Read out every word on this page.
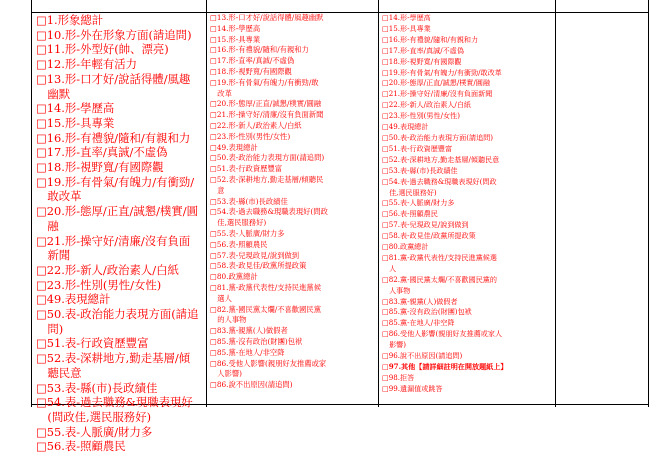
□1.形象總計
□10.形-外在形象方面(請追問)
□11.形-外型好(帥、漂亮)
□12.形-年輕有活力
□13.形-口才好/說話得體/風趣
　幽默
□14.形-學歷高
□15.形-具專業
□16.形-有禮貌/隨和/有親和力
□17.形-直率/真誠/不虛偽
□18.形-視野寬/有國際觀
□19.形-有骨氣/有魄力/有衝勁/
　敢改革
□20.形-態厚/正直/誠懇/樸實/圓
　融
□21.形-操守好/清廉/沒有負面
　新聞
□22.形-新人/政治素人/白紙
□23.形-性別(男性/女性)
□49.表現總計
□50.表-政治能力表現方面(請追
　問)
□51.表-行政資歷豐富
□52.表-深耕地方,勤走基層/傾
　聽民意
□53.表-縣(市)長政績佳
□54.表-過去職務&現職表現好
　(問政佳,選民服務好)
□55.表-人脈廣/財力多
□56.表-照顧農民
□13.形-口才好/說話得體/風趣幽默
□14.形-學歷高
□15.形-具專業
□16.形-有禮貌/隨和/有親和力
□17.形-直率/真誠/不虛偽
□18.形-視野寬/有國際觀
□19.形-有骨氣/有魄力/有衝勁/敢
　改革
□20.形-態厚/正直/誠懇/樸實/圓融
□21.形-操守好/清廉/沒有負面新聞
□22.形-新人/政治素人/白紙
□23.形-性別(男性/女性)
□49.表現總計
□50.表-政治能力表現方面(請追問)
□51.表-行政資歷豐富
□52.表-深耕地方,勤走基層/傾聽民
　意
□53.表-縣(市)長政績佳
□54.表-過去職務&現職表現好(問政
　佳,選民服務好)
□55.表-人脈廣/財力多
□56.表-照顧農民
□57.表-兒現政見/說到做到
□58.表-政見佳/政黨所提政策
□80.政黨總計
□81.黨-政黨代表性/支持民進黨候
　選人
□82.黨-國民黨太爛/不喜歡國民黨
　的人事物
□83.黨-親黨(人)做假者
□85.黨-沒有政治(財團)包袱
□85.黨-在地人/非空降
□86.受他人影響(親朋好友推薦或家
　人影響)
□86.說不出原因(請追問)
□14.形-學歷高
□15.形-具專業
□16.形-有禮貌/隨和/有親和力
□17.形-直率/真誠/不虛偽
□18.形-視野寬/有國際觀
□19.形-有骨氣/有魄力/有衝勁/敢改革
□20.形-態厚/正直/誠懇/樸實/圓融
□21.形-操守好/清廉/沒有負面新聞
□22.形-新人/政治素人/白紙
□23.形-性別(男性/女性)
□49.表現總計
□50.表-政治能力表現方面(請追問)
□51.表-行政資歷豐富
□52.表-深耕地方,勤走基層/傾聽民意
□53.表-縣(市)長政績佳
□54.表-過去職務&現職表現好(問政
　佳,選民服務好)
□55.表-人脈廣/財力多
□56.表-照顧農民
□57.表-兒現政見/說到做到
□58.表-政見佳/政黨所提政策
□80.政黨總計
□81.黨-政黨代表性/支持民進黨候選
　人
□82.黨-國民黨太爛/不喜歡國民黨的
　人事物
□83.黨-親黨(人)做假者
□85.黨-沒有政治(財團)包袱
□85.黨-在地人/非空降
□86.受他人影響(親朋好友推薦或家人
　影響)
□96.說不出原因(請追問)
□97.其他【請詳細註明在開放題紙上】
□98.拒答
□99.遺漏值或跳答
